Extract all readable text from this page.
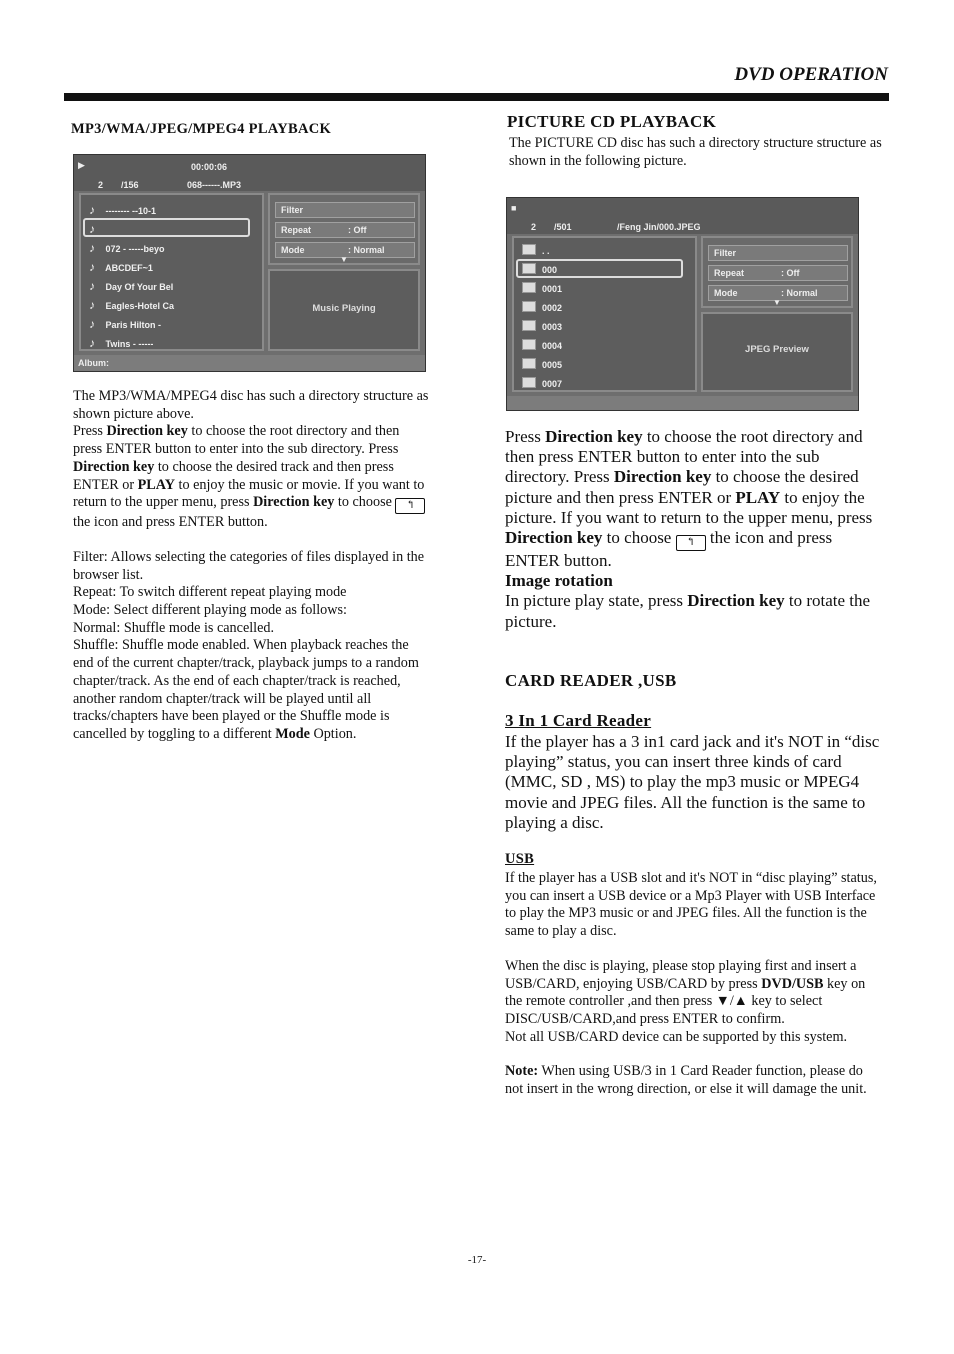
DVD OPERATION
MP3/WMA/JPEG/MPEG4 PLAYBACK
▶	00:00:06
2 /156	068------.MP3
♪ -------- --10-1
♪
♪ 072 - -----beyo
♪ ABCDEF~1
♪ Day Of Your Bel
♪ Eagles-Hotel Ca
♪ Paris Hilton -
♪ Twins - -----
Filter
Repeat	: Off
Mode	: Normal
▼
Music Playing
Album:

The MP3/WMA/MPEG4 disc has such a directory structure as shown picture above.

Press Direction key to choose the root directory and then press ENTER button to enter into the sub directory. Press Direction key to choose the desired track and then press ENTER or PLAY to enjoy the music or movie. If you want to return to the upper menu, press Direction key to choose ↰ the icon and press ENTER button.

Filter: Allows selecting the categories of files displayed in the browser list.

Repeat: To switch different repeat playing mode

Mode: Select different playing mode as follows:

Normal: Shuffle mode is cancelled.

Shuffle: Shuffle mode enabled. When playback reaches the end of the current chapter/track, playback jumps to a random chapter/track. As the end of each chapter/track is reached, another random chapter/track will be played until all tracks/chapters have been played or the Shuffle mode is cancelled by toggling to a different Mode Option.

PICTURE CD PLAYBACK
The PICTURE CD disc has such a directory structure structure as shown in the following picture.
■
2 /501	/Feng Jin/000.JPEG
. .
000
0001
0002
0003
0004
0005
0007
Filter
Repeat	: Off
Mode	: Normal
▼
JPEG Preview

Press Direction key to choose the root directory and then press ENTER button to enter into the sub directory. Press Direction key to choose the desired picture and then press ENTER or PLAY to enjoy the picture. If you want to return to the upper menu, press Direction key to choose ↰ the icon and press ENTER button.

Image rotation

In picture play state, press Direction key to rotate the picture.

CARD READER ,USB
3 In 1 Card Reader
If the player has a 3 in1 card jack and it's NOT in “disc playing” status, you can insert three kinds of card (MMC, SD , MS) to play the mp3 music or MPEG4 movie and JPEG files. All the function is the same to playing a disc.
USB

If the player has a USB slot and it's NOT in “disc playing” status, you can insert a USB device or a Mp3 Player with USB Interface to play the MP3 music or and JPEG files. All the function is the same to play a disc.

When the disc is playing, please stop playing first and insert a USB/CARD, enjoying USB/CARD by press DVD/USB key on the remote controller ,and then press ▼/▲ key to select DISC/USB/CARD,and press ENTER to confirm.

Not all USB/CARD device can be supported by this system.

Note: When using USB/3 in 1 Card Reader function, please do not insert in the wrong direction, or else it will damage the unit.

-17-
